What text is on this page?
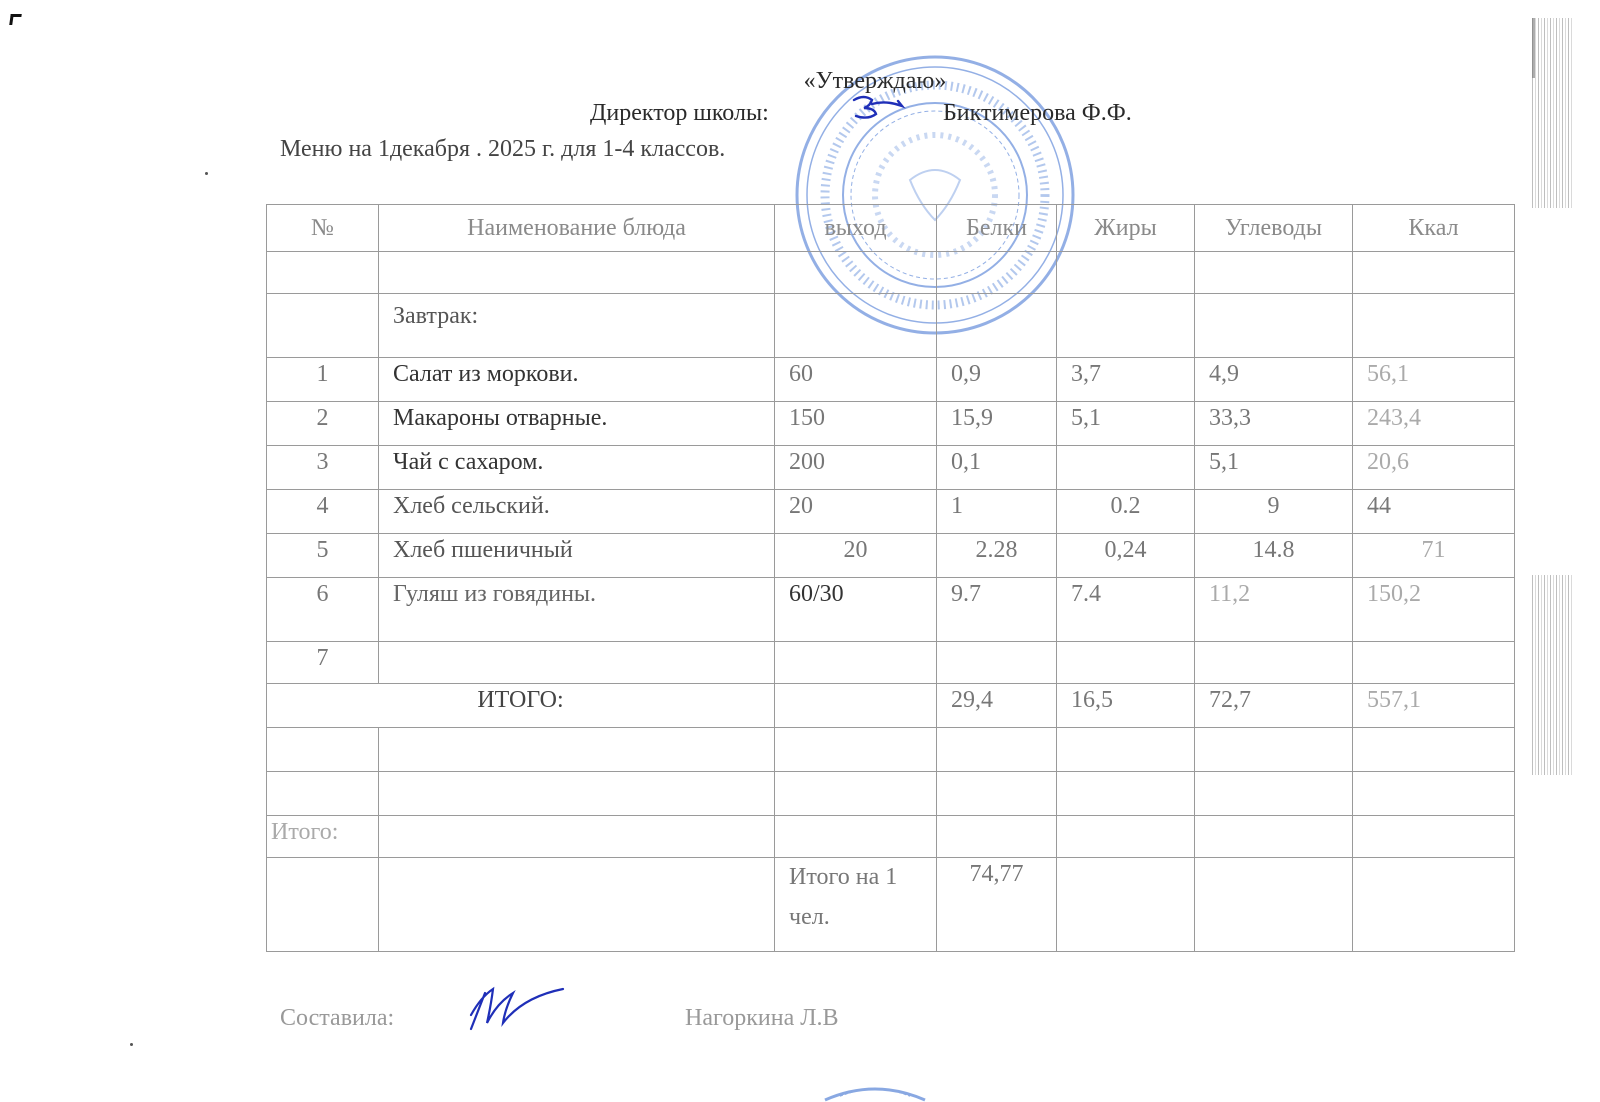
«Утверждаю»
Директор школы:	Биктимерова Ф.Ф.
Меню на 1декабря . 2025 г. для 1-4 классов.
№	Наименование блюда	выход	Белки	Жиры	Углеводы	Ккал

	Завтрак:					
1	Салат из моркови.	60	0,9	3,7	4,9	56,1
2	Макароны отварные.	150	15,9	5,1	33,3	243,4
3	Чай с сахаром.	200	0,1		5,1	20,6
4	Хлеб сельский.	20	1	0.2	9	44
5	Хлеб пшеничный	20	2.28	0,24	14.8	71
6	Гуляш из говядины.	60/30	9.7	7.4	11,2	150,2
7						
ИТОГО:			29,4	16,5	72,7	557,1

Итого:						
		Итого на 1 чел.	74,77			
Составила:	Нагоркина Л.В
